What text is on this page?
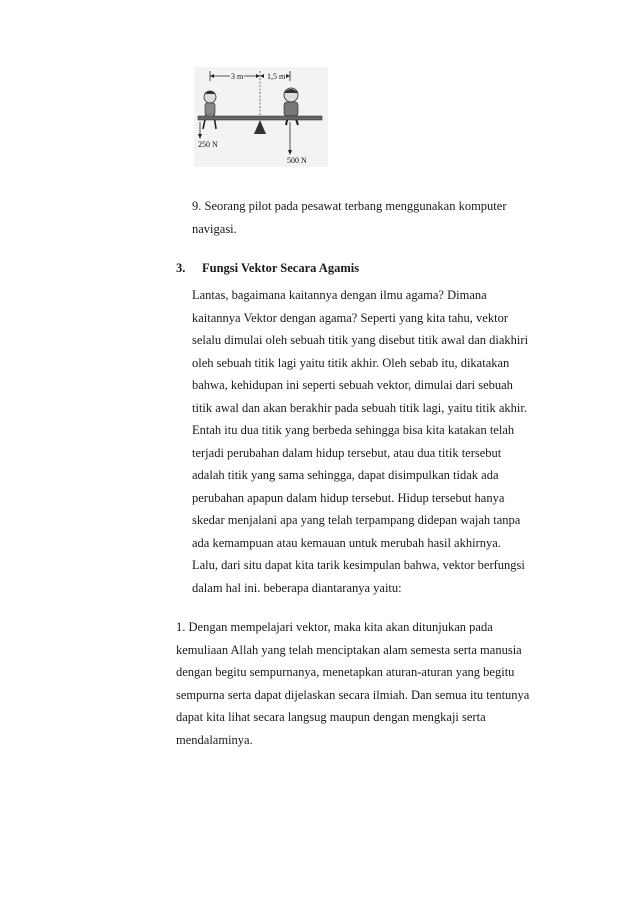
3 m	1,5 m
250 N
500 N
9. Seorang pilot pada pesawat terbang menggunakan komputer
navigasi.
3. Fungsi Vektor Secara Agamis
Lantas, bagaimana kaitannya dengan ilmu agama? Dimana
kaitannya Vektor dengan agama? Seperti yang kita tahu, vektor
selalu dimulai oleh sebuah titik yang disebut titik awal dan diakhiri
oleh sebuah titik lagi yaitu titik akhir. Oleh sebab itu, dikatakan
bahwa, kehidupan ini seperti sebuah vektor, dimulai dari sebuah
titik awal dan akan berakhir pada sebuah titik lagi, yaitu titik akhir.
Entah itu dua titik yang berbeda sehingga bisa kita katakan telah
terjadi perubahan dalam hidup tersebut, atau dua titik tersebut
adalah titik yang sama sehingga, dapat disimpulkan tidak ada
perubahan apapun dalam hidup tersebut. Hidup tersebut hanya
skedar menjalani apa yang telah terpampang didepan wajah tanpa
ada kemampuan atau kemauan untuk merubah hasil akhirnya.
Lalu, dari situ dapat kita tarik kesimpulan bahwa, vektor berfungsi
dalam hal ini. beberapa diantaranya yaitu:
1. Dengan mempelajari vektor, maka kita akan ditunjukan pada
kemuliaan Allah yang telah menciptakan alam semesta serta manusia
dengan begitu sempurnanya, menetapkan aturan-aturan yang begitu
sempurna serta dapat dijelaskan secara ilmiah. Dan semua itu tentunya
dapat kita lihat secara langsug maupun dengan mengkaji serta
mendalaminya.
